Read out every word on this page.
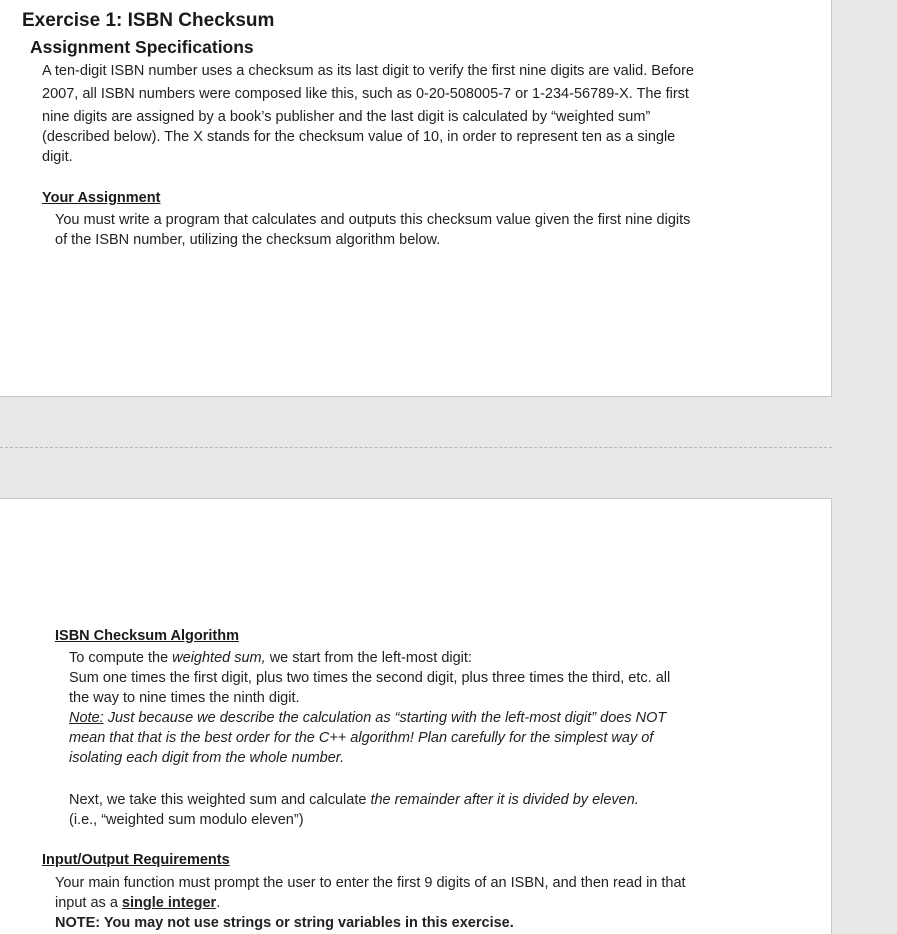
Exercise 1: ISBN Checksum
Assignment Specifications
A ten-digit ISBN number uses a checksum as its last digit to verify the first nine digits are valid. Before
2007, all ISBN numbers were composed like this, such as 0-20-508005-7 or 1-234-56789-X. The first
nine digits are assigned by a book’s publisher and the last digit is calculated by “weighted sum”
(described below). The X stands for the checksum value of 10, in order to represent ten as a single
digit.
Your Assignment
You must write a program that calculates and outputs this checksum value given the first nine digits
of the ISBN number, utilizing the checksum algorithm below.
ISBN Checksum Algorithm
To compute the weighted sum, we start from the left-most digit:
Sum one times the first digit, plus two times the second digit, plus three times the third, etc. all
the way to nine times the ninth digit.
Note: Just because we describe the calculation as “starting with the left-most digit” does NOT
mean that that is the best order for the C++ algorithm! Plan carefully for the simplest way of
isolating each digit from the whole number.
Next, we take this weighted sum and calculate the remainder after it is divided by eleven.
(i.e., “weighted sum modulo eleven”)
Input/Output Requirements
Your main function must prompt the user to enter the first 9 digits of an ISBN, and then read in that
input as a single integer.
NOTE: You may not use strings or string variables in this exercise.
